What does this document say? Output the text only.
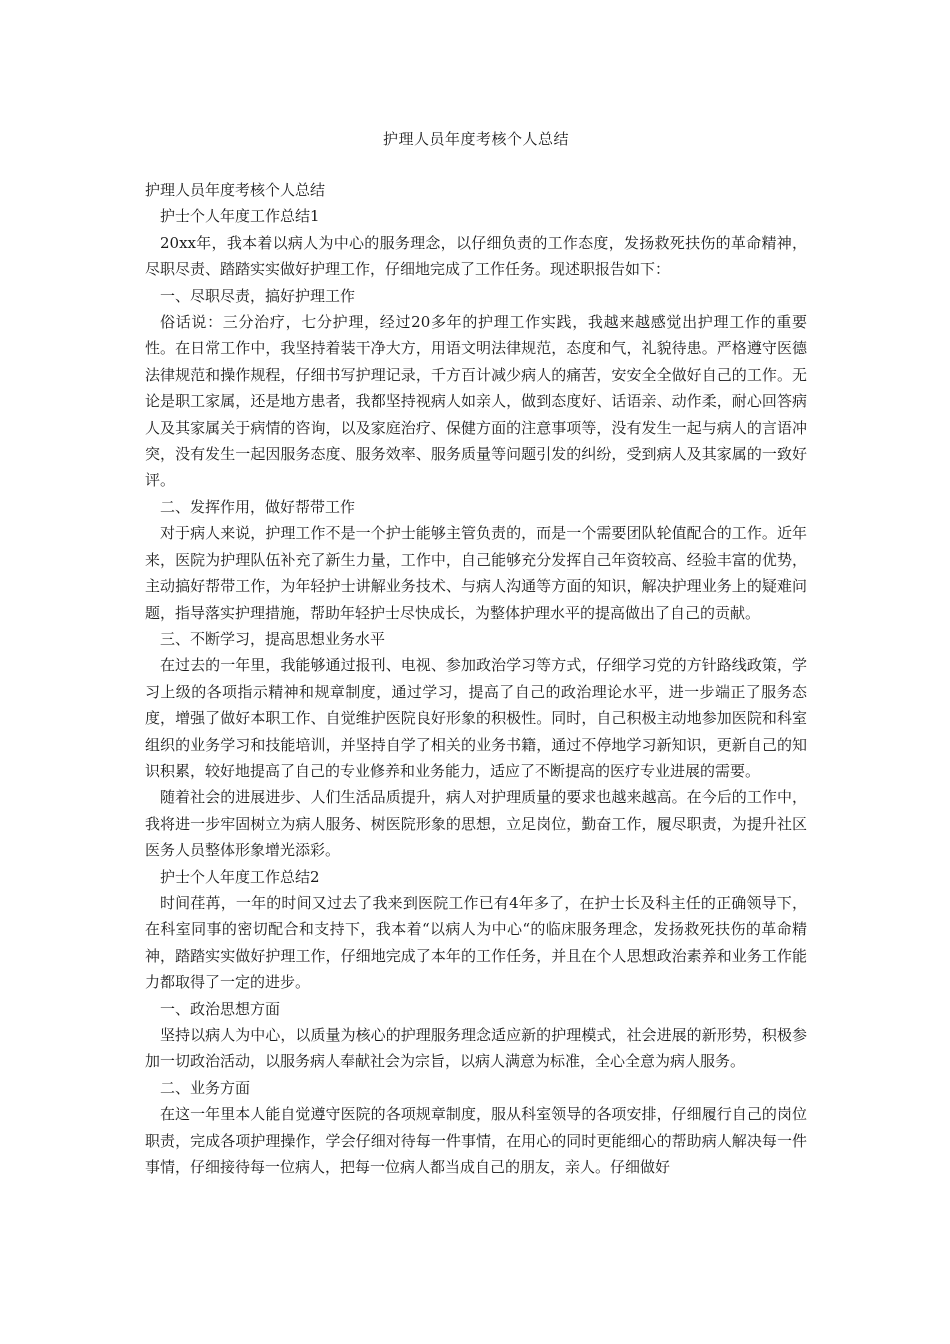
护理人员年度考核个人总结

护理人员年度考核个人总结

护士个人年度工作总结1

20xx年，我本着以病人为中心的服务理念，以仔细负责的工作态度，发扬救死扶伤的革命精神，尽职尽责、踏踏实实做好护理工作，仔细地完成了工作任务。现述职报告如下：

一、尽职尽责，搞好护理工作

俗话说：三分治疗，七分护理，经过20多年的护理工作实践，我越来越感觉出护理工作的重要性。在日常工作中，我坚持着装干净大方，用语文明法律规范，态度和气，礼貌待患。严格遵守医德法律规范和操作规程，仔细书写护理记录，千方百计减少病人的痛苦，安安全全做好自己的工作。无论是职工家属，还是地方患者，我都坚持视病人如亲人，做到态度好、话语亲、动作柔，耐心回答病人及其家属关于病情的咨询，以及家庭治疗、保健方面的注意事项等，没有发生一起与病人的言语冲突，没有发生一起因服务态度、服务效率、服务质量等问题引发的纠纷，受到病人及其家属的一致好评。

二、发挥作用，做好帮带工作

对于病人来说，护理工作不是一个护士能够主管负责的，而是一个需要团队轮值配合的工作。近年来，医院为护理队伍补充了新生力量，工作中，自己能够充分发挥自己年资较高、经验丰富的优势，主动搞好帮带工作，为年轻护士讲解业务技术、与病人沟通等方面的知识，解决护理业务上的疑难问题，指导落实护理措施，帮助年轻护士尽快成长，为整体护理水平的提高做出了自己的贡献。

三、不断学习，提高思想业务水平

在过去的一年里，我能够通过报刊、电视、参加政治学习等方式，仔细学习党的方针路线政策，学习上级的各项指示精神和规章制度，通过学习，提高了自己的政治理论水平，进一步端正了服务态度，增强了做好本职工作、自觉维护医院良好形象的积极性。同时，自己积极主动地参加医院和科室组织的业务学习和技能培训，并坚持自学了相关的业务书籍，通过不停地学习新知识，更新自己的知识积累，较好地提高了自己的专业修养和业务能力，适应了不断提高的医疗专业进展的需要。

随着社会的进展进步、人们生活品质提升，病人对护理质量的要求也越来越高。在今后的工作中，我将进一步牢固树立为病人服务、树医院形象的思想，立足岗位，勤奋工作，履尽职责，为提升社区医务人员整体形象增光添彩。

护士个人年度工作总结2

时间荏苒，一年的时间又过去了我来到医院工作已有4年多了，在护士长及科主任的正确领导下，在科室同事的密切配合和支持下，我本着“以病人为中心“的临床服务理念，发扬救死扶伤的革命精神，踏踏实实做好护理工作，仔细地完成了本年的工作任务，并且在个人思想政治素养和业务工作能力都取得了一定的进步。

一、政治思想方面

坚持以病人为中心，以质量为核心的护理服务理念适应新的护理模式，社会进展的新形势，积极参加一切政治活动，以服务病人奉献社会为宗旨，以病人满意为标准，全心全意为病人服务。

二、业务方面

在这一年里本人能自觉遵守医院的各项规章制度，服从科室领导的各项安排，仔细履行自己的岗位职责，完成各项护理操作，学会仔细对待每一件事情，在用心的同时更能细心的帮助病人解决每一件事情，仔细接待每一位病人，把每一位病人都当成自己的朋友，亲人。仔细做好
